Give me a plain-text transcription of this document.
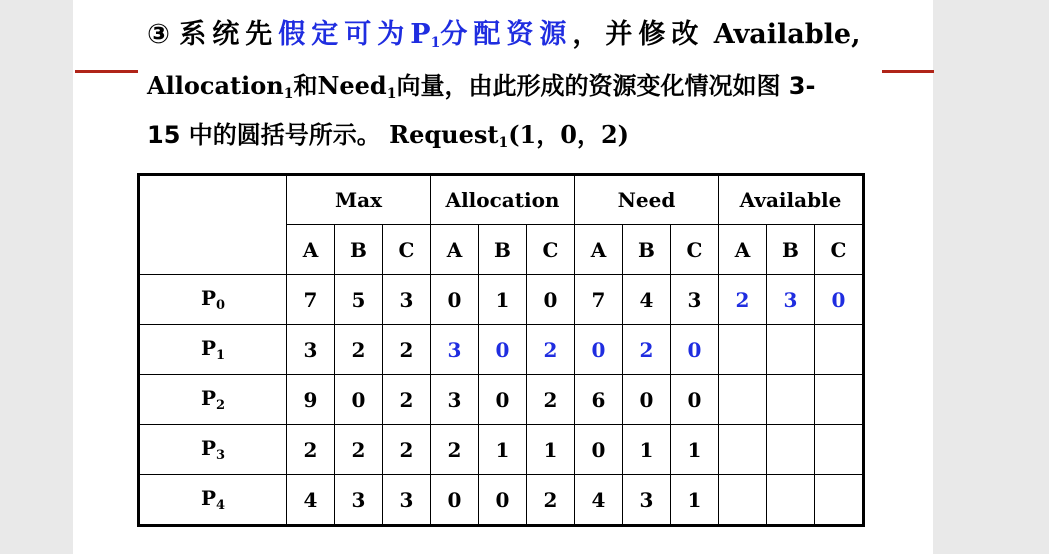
③ 系统先假定可为$P_1$分配资源，并修改 Available,
Allocation$_1$和Need$_1$向量，由此形成的资源变化情况如图 3-
15 中的圆括号所示。 Request$_1$(1，0，2)
	Max			Allocation			Need			Available		
	A	B	C	A	B	C	A	B	C	A	B	C
$P_0$	7	5	3	0	1	0	7	4	3	2	3	0
$P_1$	3	2	2	3	0	2	0	2	0			
$P_2$	9	0	2	3	0	2	6	0	0			
$P_3$	2	2	2	2	1	1	0	1	1			
$P_4$	4	3	3	0	0	2	4	3	1			
